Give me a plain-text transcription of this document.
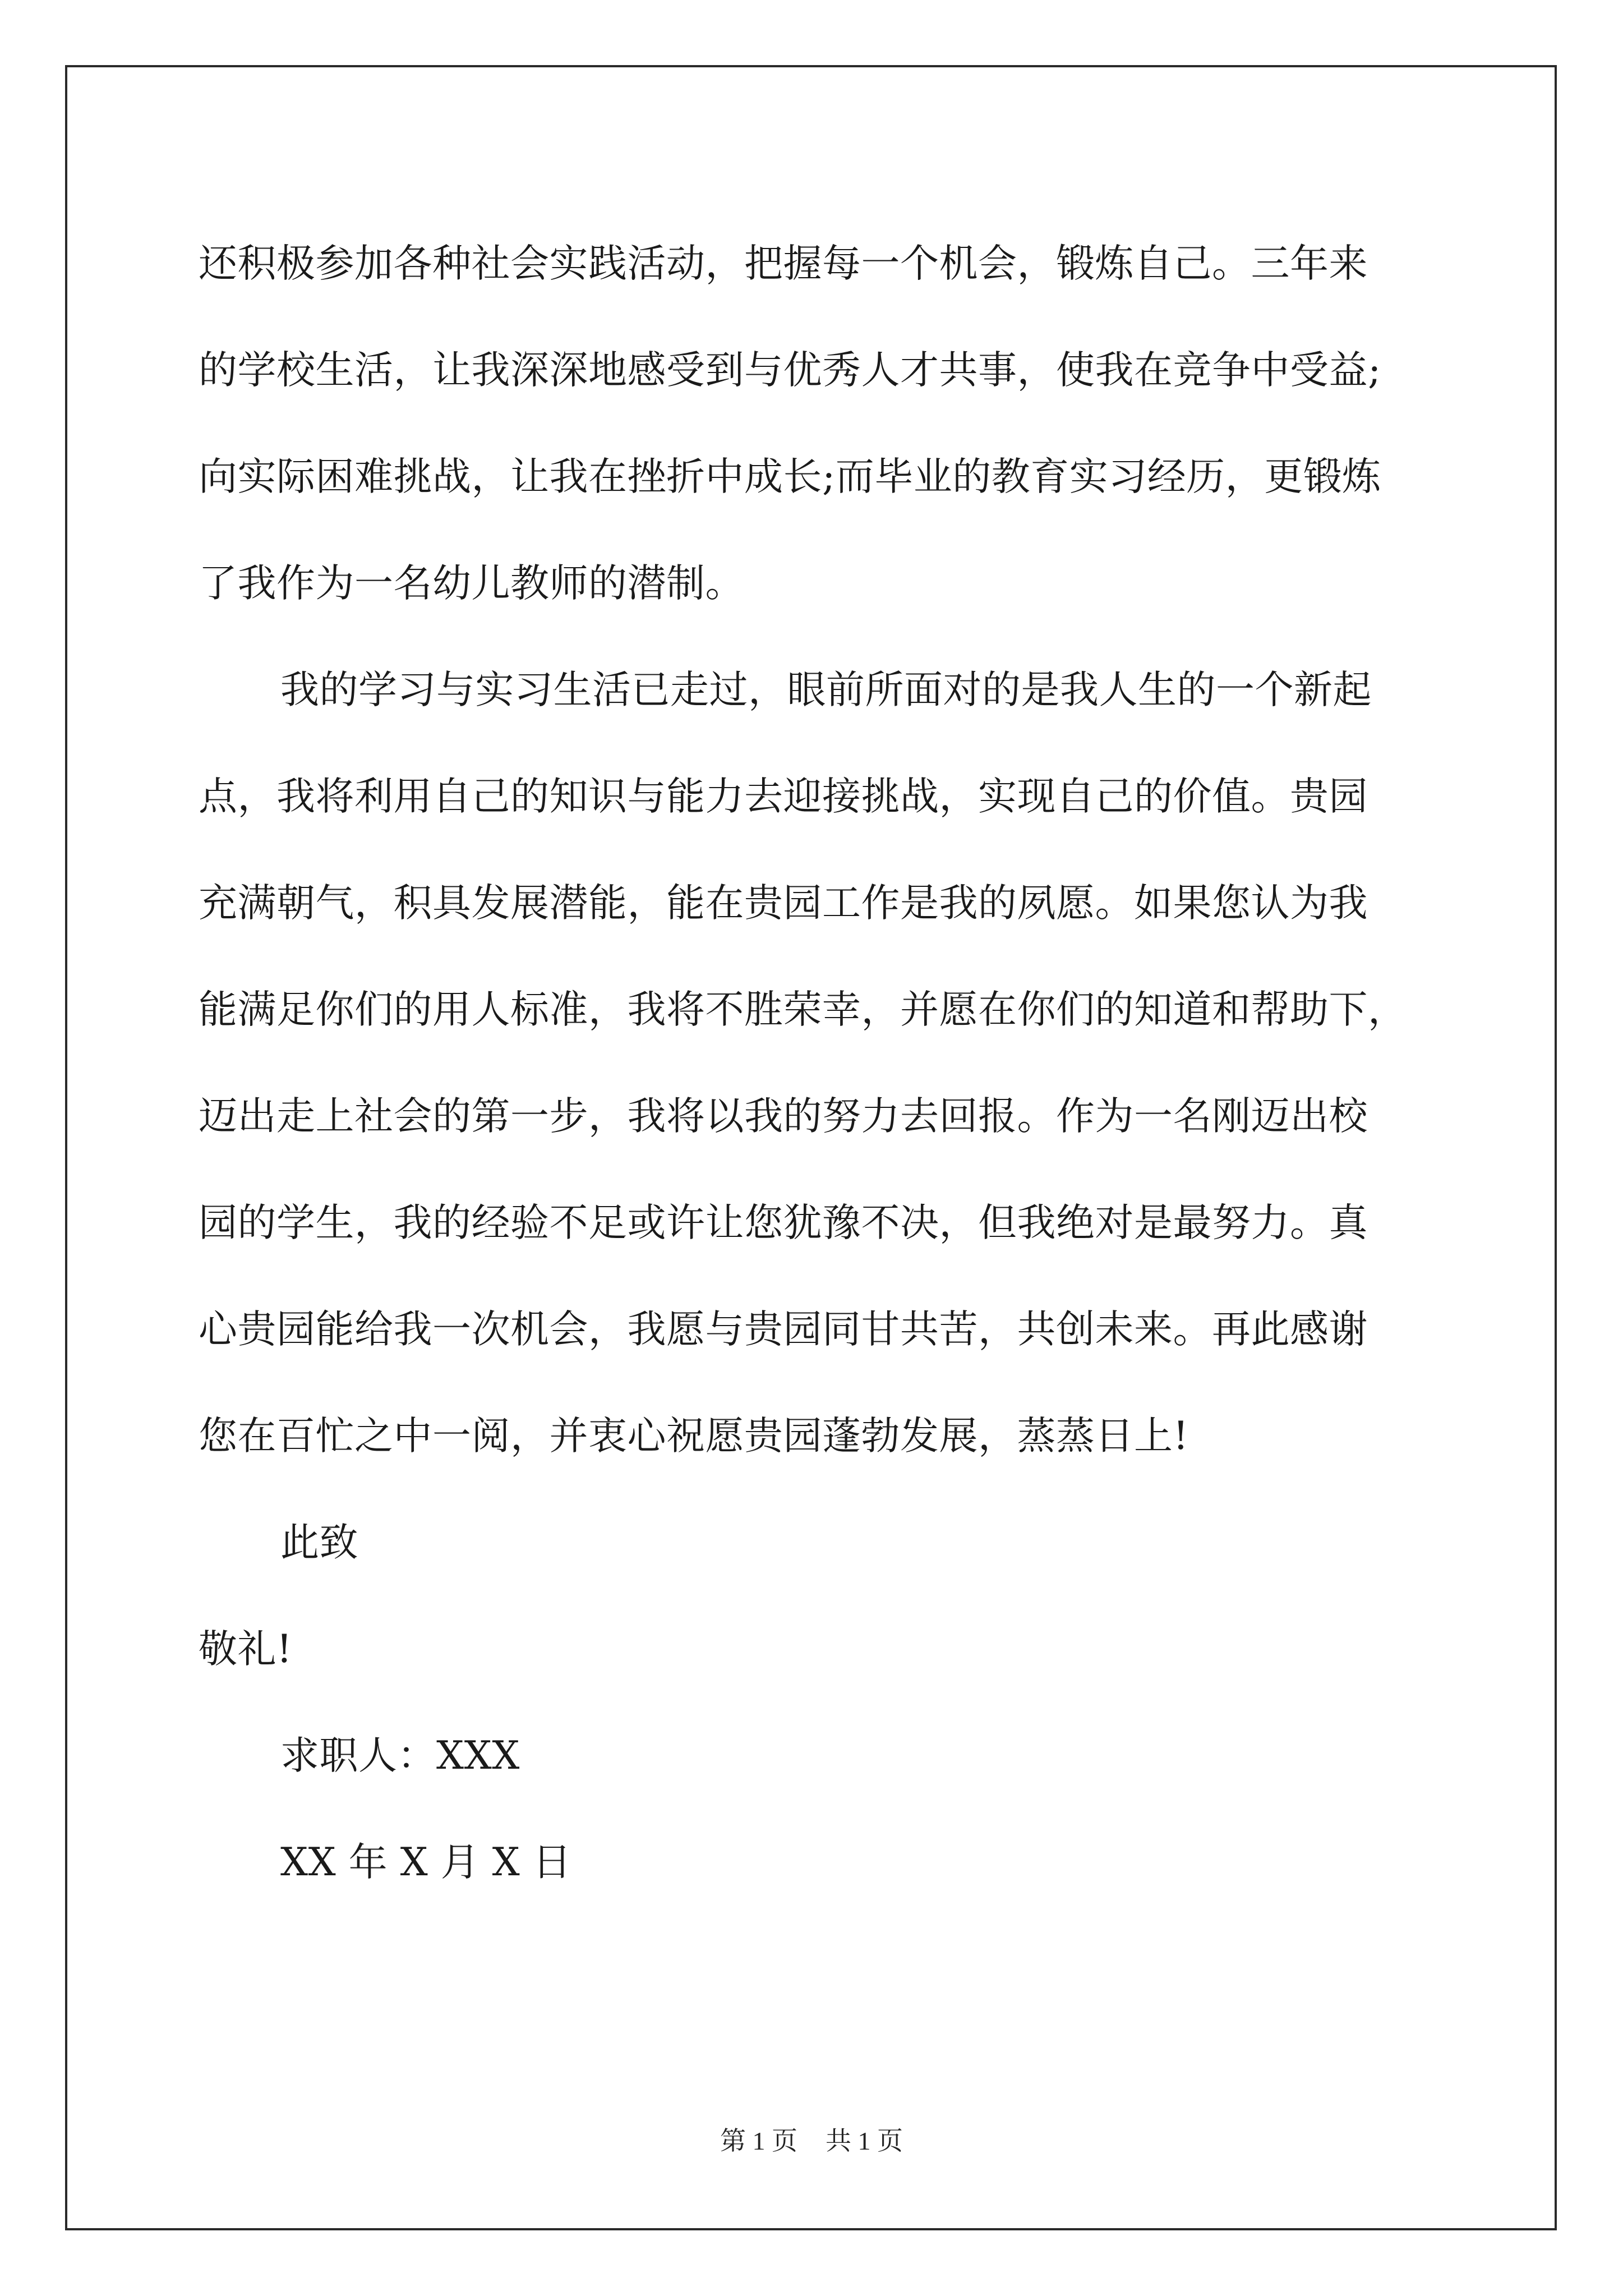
还积极参加各种社会实践活动，把握每一个机会，锻炼自己。三年来
的学校生活，让我深深地感受到与优秀人才共事，使我在竞争中受益;
向实际困难挑战，让我在挫折中成长;而毕业的教育实习经历，更锻炼
了我作为一名幼儿教师的潜制。
我的学习与实习生活已走过，眼前所面对的是我人生的一个新起
点，我将利用自己的知识与能力去迎接挑战，实现自己的价值。贵园
充满朝气，积具发展潜能，能在贵园工作是我的夙愿。如果您认为我
能满足你们的用人标准，我将不胜荣幸，并愿在你们的知道和帮助下，
迈出走上社会的第一步，我将以我的努力去回报。作为一名刚迈出校
园的学生，我的经验不足或许让您犹豫不决，但我绝对是最努力。真
心贵园能给我一次机会，我愿与贵园同甘共苦，共创未来。再此感谢
您在百忙之中一阅，并衷心祝愿贵园蓬勃发展，蒸蒸日上!
此致
敬礼!
求职人：XXX
XX 年 X 月 X 日
第 1 页 共 1 页
